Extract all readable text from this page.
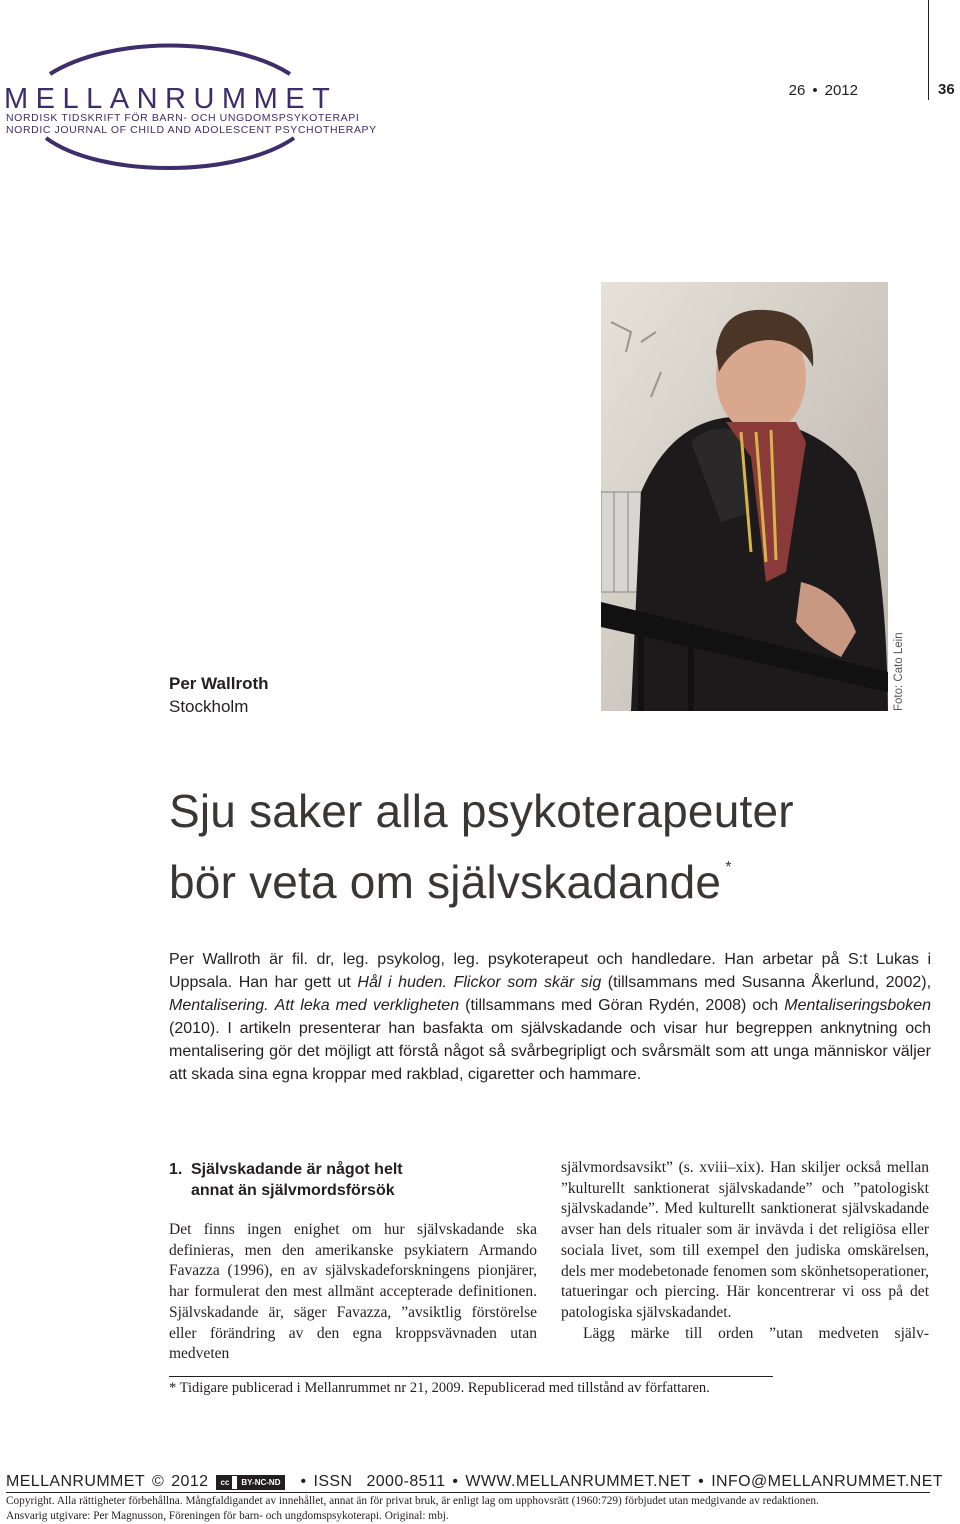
MELLANRUMMET
NORDISK TIDSKRIFT FÖR BARN- OCH UNGDOMSPSYKOTERAPI
NORDIC JOURNAL OF CHILD AND ADOLESCENT PSYCHOTHERAPY
26 • 2012	36
Foto: Cato Lein
Per Wallroth
Stockholm
Sju saker alla psykoterapeuter
bör veta om självskadande *

Per Wallroth är fil. dr, leg. psykolog, leg. psykoterapeut och handledare. Han arbetar på S:t Lukas i Uppsala. Han har gett ut Hål i huden. Flickor som skär sig (tillsammans med Susanna Åkerlund, 2002), Mentalisering. Att leka med verkligheten (tillsammans med Göran Rydén, 2008) och Mentaliseringsboken (2010). I artikeln presenterar han basfakta om självskadande och visar hur begreppen anknytning och mentalisering gör det möjligt att förstå något så svårbegripligt och svårsmält som att unga människor väljer att skada sina egna kroppar med rakblad, cigaretter och hammare.

1. Självskadande är något helt
annat än självmordsförsök

Det finns ingen enighet om hur självskadande ska definieras, men den amerikanske psykiatern Armando Favazza (1996), en av självskadeforskningens pionjärer, har formulerat den mest allmänt accepterade definitionen. Självskadande är, säger Favazza, ”avsiktlig förstörelse eller förändring av den egna kroppsvävnaden utan medveten

självmordsavsikt” (s. xviii–xix). Han skiljer också mellan ”kulturellt sanktionerat självskadande” och ”patologiskt självskadande”. Med kulturellt sanktionerat självskadande avser han dels ritualer som är invävda i det religiösa eller sociala livet, som till exempel den judiska omskärelsen, dels mer modebetonade fenomen som skönhetsoperationer, tatueringar och piercing. Här koncentrerar vi oss på det patologiska självskadandet.

Lägg märke till orden ”utan medveten själv-

* Tidigare publicerad i Mellanrummet nr 21, 2009. Republicerad med tillstånd av författaren.
MELLANRUMMET © 2012	cc	BY-NC-ND • ISSN 2000-8511 • WWW.MELLANRUMMET.NET • INFO@MELLANRUMMET.NET
Copyright. Alla rättigheter förbehållna. Mångfaldigandet av innehållet, annat än för privat bruk, är enligt lag om upphovsrätt (1960:729) förbjudet utan medgivande av redaktionen.
Ansvarig utgivare: Per Magnusson, Föreningen för barn- och ungdomspsykoterapi. Original: mbj.
